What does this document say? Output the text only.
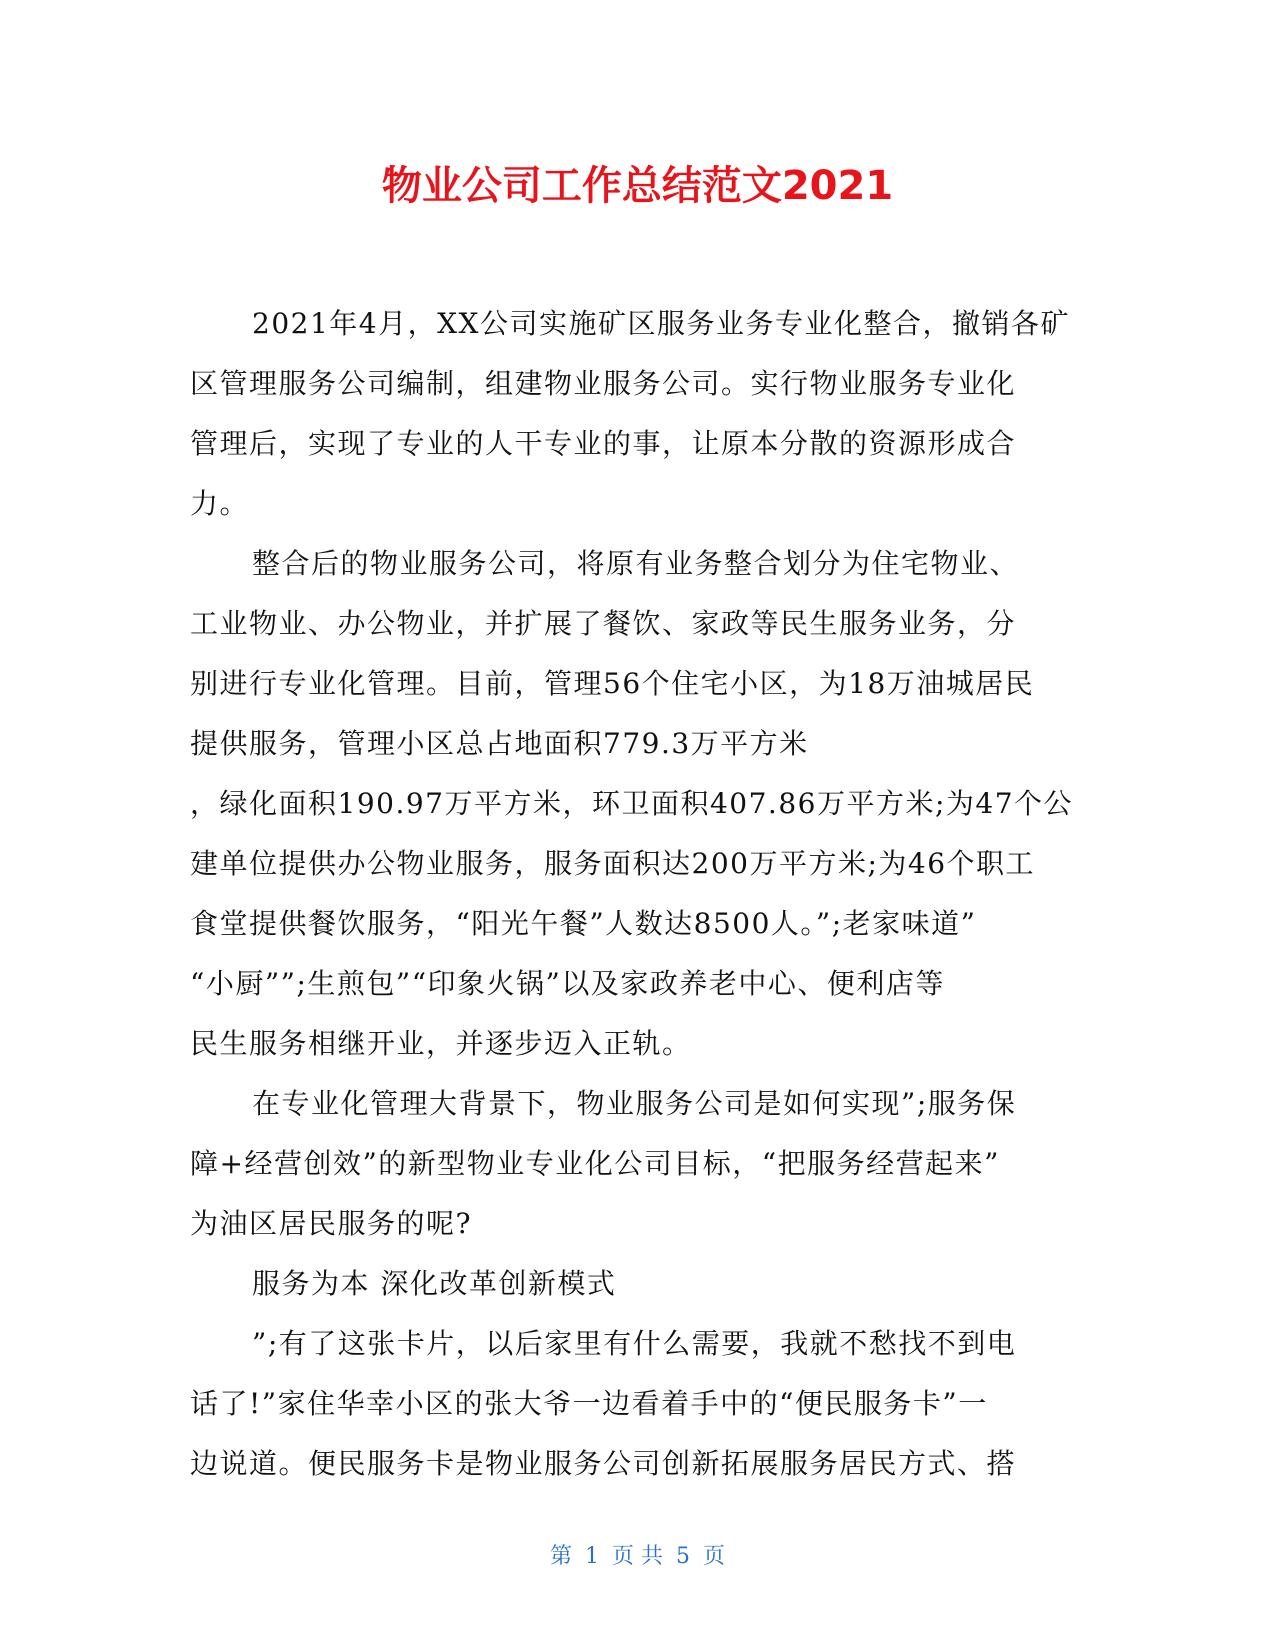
物业公司工作总结范文2021
2021年4月，XX公司实施矿区服务业务专业化整合，撤销各矿
区管理服务公司编制，组建物业服务公司。实行物业服务专业化
管理后，实现了专业的人干专业的事，让原本分散的资源形成合
力。
整合后的物业服务公司，将原有业务整合划分为住宅物业、
工业物业、办公物业，并扩展了餐饮、家政等民生服务业务，分
别进行专业化管理。目前，管理56个住宅小区，为18万油城居民
提供服务，管理小区总占地面积779.3万平方米
，绿化面积190.97万平方米，环卫面积407.86万平方米;为47个公
建单位提供办公物业服务，服务面积达200万平方米;为46个职工
食堂提供餐饮服务，“阳光午餐”人数达8500人。”;老家味道”
“小厨””;生煎包”“印象火锅”以及家政养老中心、便利店等
民生服务相继开业，并逐步迈入正轨。
在专业化管理大背景下，物业服务公司是如何实现”;服务保
障+经营创效”的新型物业专业化公司目标，“把服务经营起来”
为油区居民服务的呢?
服务为本 深化改革创新模式
”;有了这张卡片，以后家里有什么需要，我就不愁找不到电
话了!”家住华幸小区的张大爷一边看着手中的“便民服务卡”一
边说道。便民服务卡是物业服务公司创新拓展服务居民方式、搭
第 1 页 共 5 页
